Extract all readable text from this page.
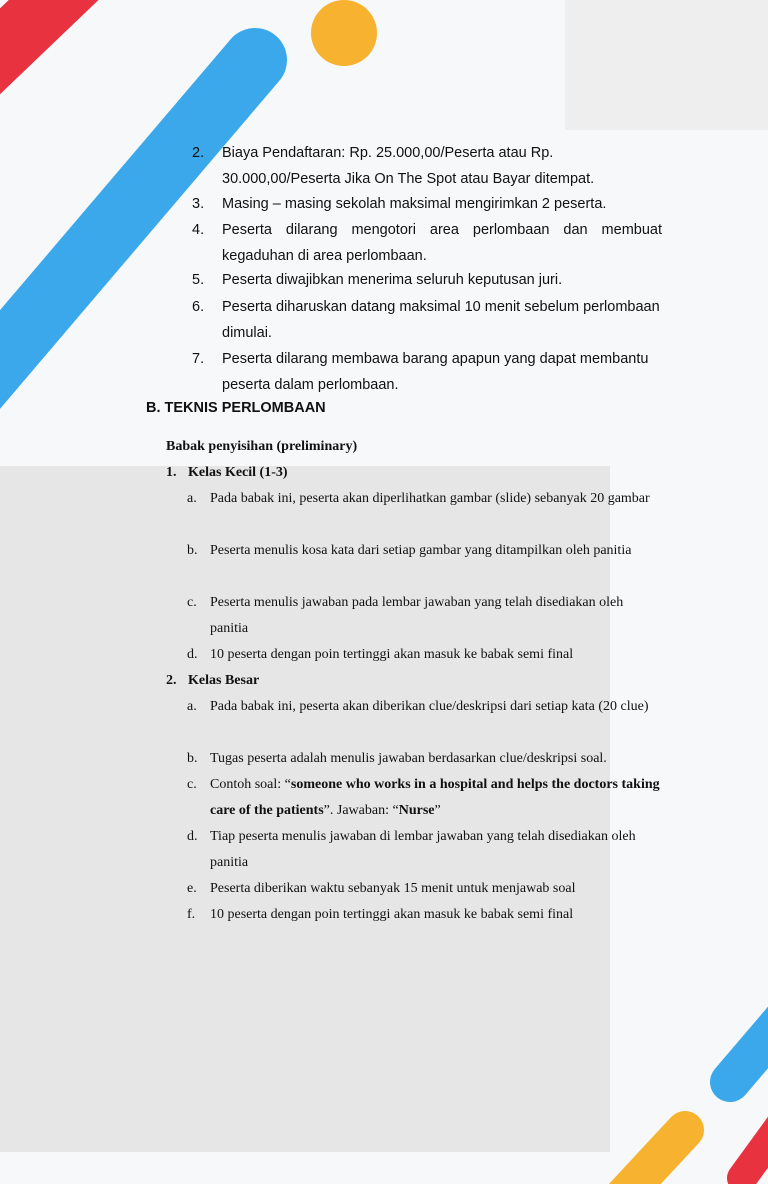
2.	Biaya Pendaftaran: Rp. 25.000,00/Peserta atau Rp. 30.000,00/Peserta Jika On The Spot atau Bayar ditempat.
3.	Masing – masing sekolah maksimal mengirimkan 2 peserta.
4.	Peserta dilarang mengotori area perlombaan dan membuat kegaduhan di area perlombaan.
5.	Peserta diwajibkan menerima seluruh keputusan juri.
6.	Peserta diharuskan datang maksimal 10 menit sebelum perlombaan dimulai.
7.	Peserta dilarang membawa barang apapun yang dapat membantu peserta dalam perlombaan.
B. TEKNIS PERLOMBAAN
Babak penyisihan (preliminary)
1. Kelas Kecil (1-3)
a. Pada babak ini, peserta akan diperlihatkan gambar (slide) sebanyak 20 gambar
b. Peserta menulis kosa kata dari setiap gambar yang ditampilkan oleh panitia
c. Peserta menulis jawaban pada lembar jawaban yang telah disediakan oleh panitia
d. 10 peserta dengan poin tertinggi akan masuk ke babak semi final
2. Kelas Besar
a. Pada babak ini, peserta akan diberikan clue/deskripsi dari setiap kata (20 clue)
b. Tugas peserta adalah menulis jawaban berdasarkan clue/deskripsi soal.
c. Contoh soal: “someone who works in a hospital and helps the doctors taking care of the patients”. Jawaban: “Nurse”
d. Tiap peserta menulis jawaban di lembar jawaban yang telah disediakan oleh panitia
e. Peserta diberikan waktu sebanyak 15 menit untuk menjawab soal
f.	10 peserta dengan poin tertinggi akan masuk ke babak semi final
